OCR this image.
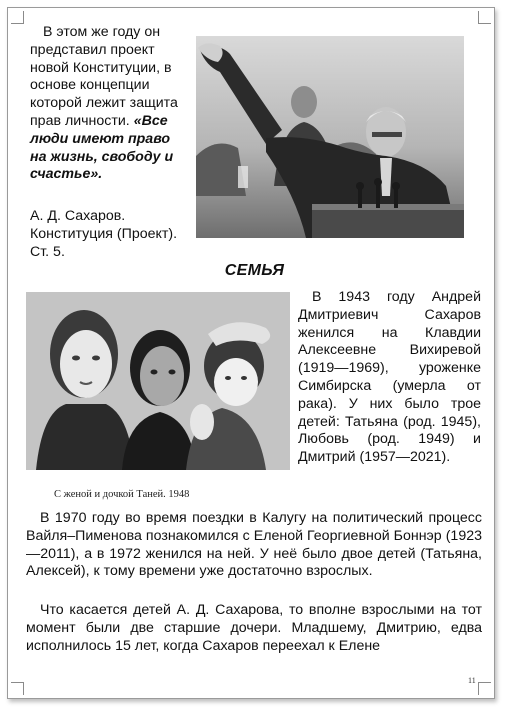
В этом же году он представил проект новой Конституции, в основе концепции которой лежит защита прав личности. «Все люди имеют право на жизнь, свободу и счастье».

А. Д. Сахаров. Конституция (Проект). Ст. 5.

СЕМЬЯ
С женой и дочкой Таней. 1948

В 1943 году Андрей Дмитриевич Сахаров женился на Клавдии Алексеевне Вихиревой (1919—1969), уроженке Симбирска (умерла от рака). У них было трое детей: Татьяна (род. 1945), Любовь (род. 1949) и Дмитрий (1957—2021).

В 1970 году во время поездки в Калугу на политический процесс Вайля–Пименова познакомился с Еленой Георгиевной Боннэр (1923—2011), а в 1972 женился на ней. У неё было двое детей (Татьяна, Алексей), к тому времени уже достаточно взрослых.

Что касается детей А. Д. Сахарова, то вполне взрослыми на тот момент были две старшие дочери. Младшему, Дмитрию, едва исполнилось 15 лет, когда Сахаров переехал к Елене

11
